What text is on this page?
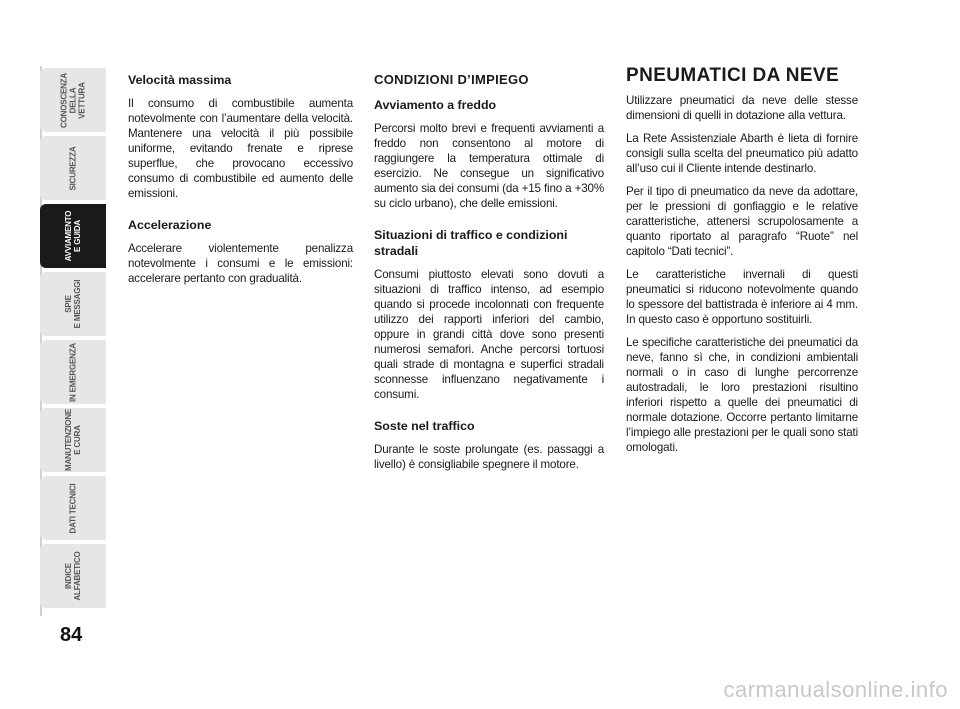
CONOSCENZA
DELLA VETTURA
SICUREZZA
AVVIAMENTO
E GUIDA
SPIE
E MESSAGGI
IN EMERGENZA
MANUTENZIONE
E CURA
DATI TECNICI
INDICE
ALFABETICO
84
Velocità massima

Il consumo di combustibile aumenta notevolmente con l’aumentare della velocità. Mantenere una velocità il più possibile uniforme, evitando frenate e riprese superflue, che provocano eccessivo consumo di combustibile ed aumento delle emissioni.

Accelerazione

Accelerare violentemente penalizza notevolmente i consumi e le emissioni: accelerare pertanto con gradualità.

CONDIZIONI D’IMPIEGO
Avviamento a freddo

Percorsi molto brevi e frequenti avviamenti a freddo non consentono al motore di raggiungere la temperatura ottimale di esercizio. Ne consegue un significativo aumento sia dei consumi (da +15 fino a +30% su ciclo urbano), che delle emissioni.

Situazioni di traffico e condizioni stradali

Consumi piuttosto elevati sono dovuti a situazioni di traffico intenso, ad esempio quando si procede incolonnati con frequente utilizzo dei rapporti inferiori del cambio, oppure in grandi città dove sono presenti numerosi semafori. Anche percorsi tortuosi quali strade di montagna e superfici stradali sconnesse influenzano negativamente i consumi.

Soste nel traffico

Durante le soste prolungate (es. passaggi a livello) è consigliabile spegnere il motore.

PNEUMATICI DA NEVE

Utilizzare pneumatici da neve delle stesse dimensioni di quelli in dotazione alla vettura.

La Rete Assistenziale Abarth è lieta di fornire consigli sulla scelta del pneumatico più adatto all’uso cui il Cliente intende destinarlo.

Per il tipo di pneumatico da neve da adottare, per le pressioni di gonfiaggio e le relative caratteristiche, attenersi scrupolosamente a quanto riportato al paragrafo “Ruote” nel capitolo “Dati tecnici”.

Le caratteristiche invernali di questi pneumatici si riducono notevolmente quando lo spessore del battistrada è inferiore ai 4 mm. In questo caso è opportuno sostituirli.

Le specifiche caratteristiche dei pneumatici da neve, fanno sì che, in condizioni ambientali normali o in caso di lunghe percorrenze autostradali, le loro prestazioni risultino inferiori rispetto a quelle dei pneumatici di normale dotazione. Occorre pertanto limitarne l’impiego alle prestazioni per le quali sono stati omologati.

carmanualsonline.info
